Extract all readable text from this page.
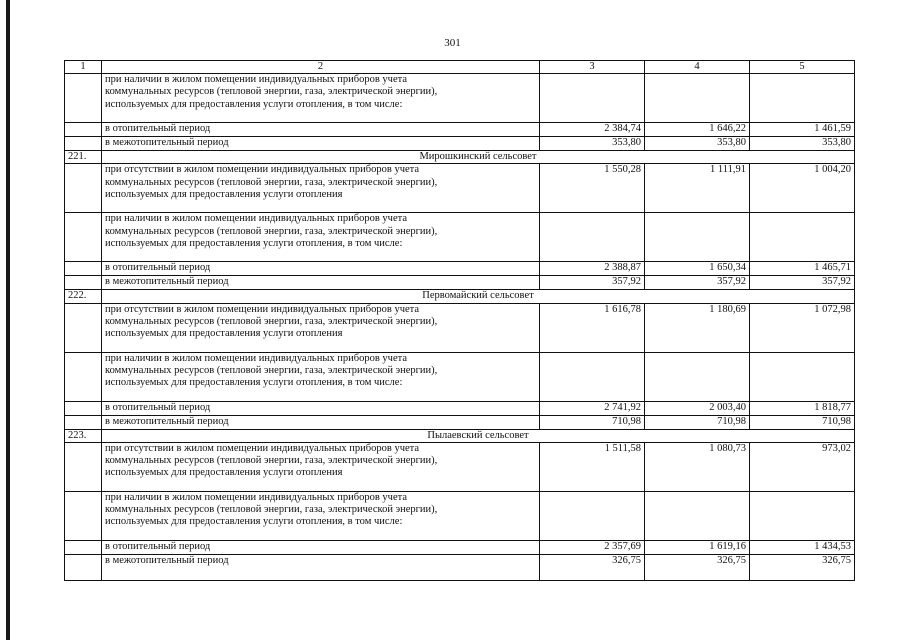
301
1	2	3	4	5

	при наличии в жилом помещении индивидуальных приборов учета
коммунальных ресурсов (тепловой энергии, газа, электрической энергии),
используемых для предоставления услуги отопления, в том числе:			

	в отопительный период	2 384,74	1 646,22	1 461,59
	в межотопительный период	353,80	353,80	353,80
221.	Мирошкинский сельсовет			

	при отсутствии в жилом помещении индивидуальных приборов учета
коммунальных ресурсов (тепловой энергии, газа, электрической энергии),
используемых для предоставления услуги отопления	1 550,28	1 111,91	1 004,20

	при наличии в жилом помещении индивидуальных приборов учета
коммунальных ресурсов (тепловой энергии, газа, электрической энергии),
используемых для предоставления услуги отопления, в том числе:			

	в отопительный период	2 388,87	1 650,34	1 465,71
	в межотопительный период	357,92	357,92	357,92
222.	Первомайский сельсовет			

	при отсутствии в жилом помещении индивидуальных приборов учета
коммунальных ресурсов (тепловой энергии, газа, электрической энергии),
используемых для предоставления услуги отопления	1 616,78	1 180,69	1 072,98

	при наличии в жилом помещении индивидуальных приборов учета
коммунальных ресурсов (тепловой энергии, газа, электрической энергии),
используемых для предоставления услуги отопления, в том числе:			

	в отопительный период	2 741,92	2 003,40	1 818,77
	в межотопительный период	710,98	710,98	710,98
223.	Пылаевский сельсовет			

	при отсутствии в жилом помещении индивидуальных приборов учета
коммунальных ресурсов (тепловой энергии, газа, электрической энергии),
используемых для предоставления услуги отопления	1 511,58	1 080,73	973,02

	при наличии в жилом помещении индивидуальных приборов учета
коммунальных ресурсов (тепловой энергии, газа, электрической энергии),
используемых для предоставления услуги отопления, в том числе:			

	в отопительный период	2 357,69	1 619,16	1 434,53
	в межотопительный период	326,75	326,75	326,75
